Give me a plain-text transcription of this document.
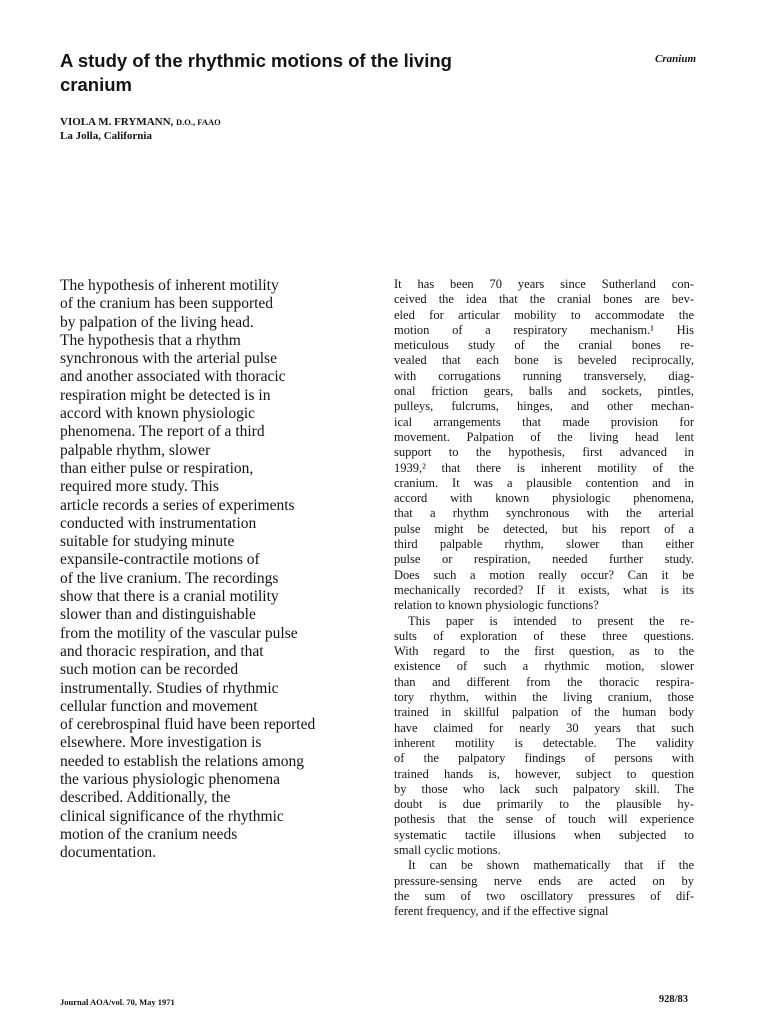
A study of the rhythmic motions of the living cranium
Cranium
VIOLA M. FRYMANN, D.O., FAAO
La Jolla, California
The hypothesis of inherent motility
of the cranium has been supported
by palpation of the living head.
The hypothesis that a rhythm
synchronous with the arterial pulse
and another associated with thoracic
respiration might be detected is in
accord with known physiologic
phenomena. The report of a third
palpable rhythm, slower
than either pulse or respiration,
required more study. This
article records a series of experiments
conducted with instrumentation
suitable for studying minute
expansile-contractile motions of
of the live cranium. The recordings
show that there is a cranial motility
slower than and distinguishable
from the motility of the vascular pulse
and thoracic respiration, and that
such motion can be recorded
instrumentally. Studies of rhythmic
cellular function and movement
of cerebrospinal fluid have been reported
elsewhere. More investigation is
needed to establish the relations among
the various physiologic phenomena
described. Additionally, the
clinical significance of the rhythmic
motion of the cranium needs
documentation.
It has been 70 years since Sutherland con-
ceived the idea that the cranial bones are bev-
eled for articular mobility to accommodate the
motion of a respiratory mechanism.¹ His
meticulous study of the cranial bones re-
vealed that each bone is beveled reciprocally,
with corrugations running transversely, diag-
onal friction gears, balls and sockets, pintles,
pulleys, fulcrums, hinges, and other mechan-
ical arrangements that made provision for
movement. Palpation of the living head lent
support to the hypothesis, first advanced in
1939,² that there is inherent motility of the
cranium. It was a plausible contention and in
accord with known physiologic phenomena,
that a rhythm synchronous with the arterial
pulse might be detected, but his report of a
third palpable rhythm, slower than either
pulse or respiration, needed further study.
Does such a motion really occur? Can it be
mechanically recorded? If it exists, what is its
relation to known physiologic functions?
This paper is intended to present the re-
sults of exploration of these three questions.
With regard to the first question, as to the
existence of such a rhythmic motion, slower
than and different from the thoracic respira-
tory rhythm, within the living cranium, those
trained in skillful palpation of the human body
have claimed for nearly 30 years that such
inherent motility is detectable. The validity
of the palpatory findings of persons with
trained hands is, however, subject to question
by those who lack such palpatory skill. The
doubt is due primarily to the plausible hy-
pothesis that the sense of touch will experience
systematic tactile illusions when subjected to
small cyclic motions.
It can be shown mathematically that if the
pressure-sensing nerve ends are acted on by
the sum of two oscillatory pressures of dif-
ferent frequency, and if the effective signal
Journal AOA/vol. 70, May 1971	928/83
